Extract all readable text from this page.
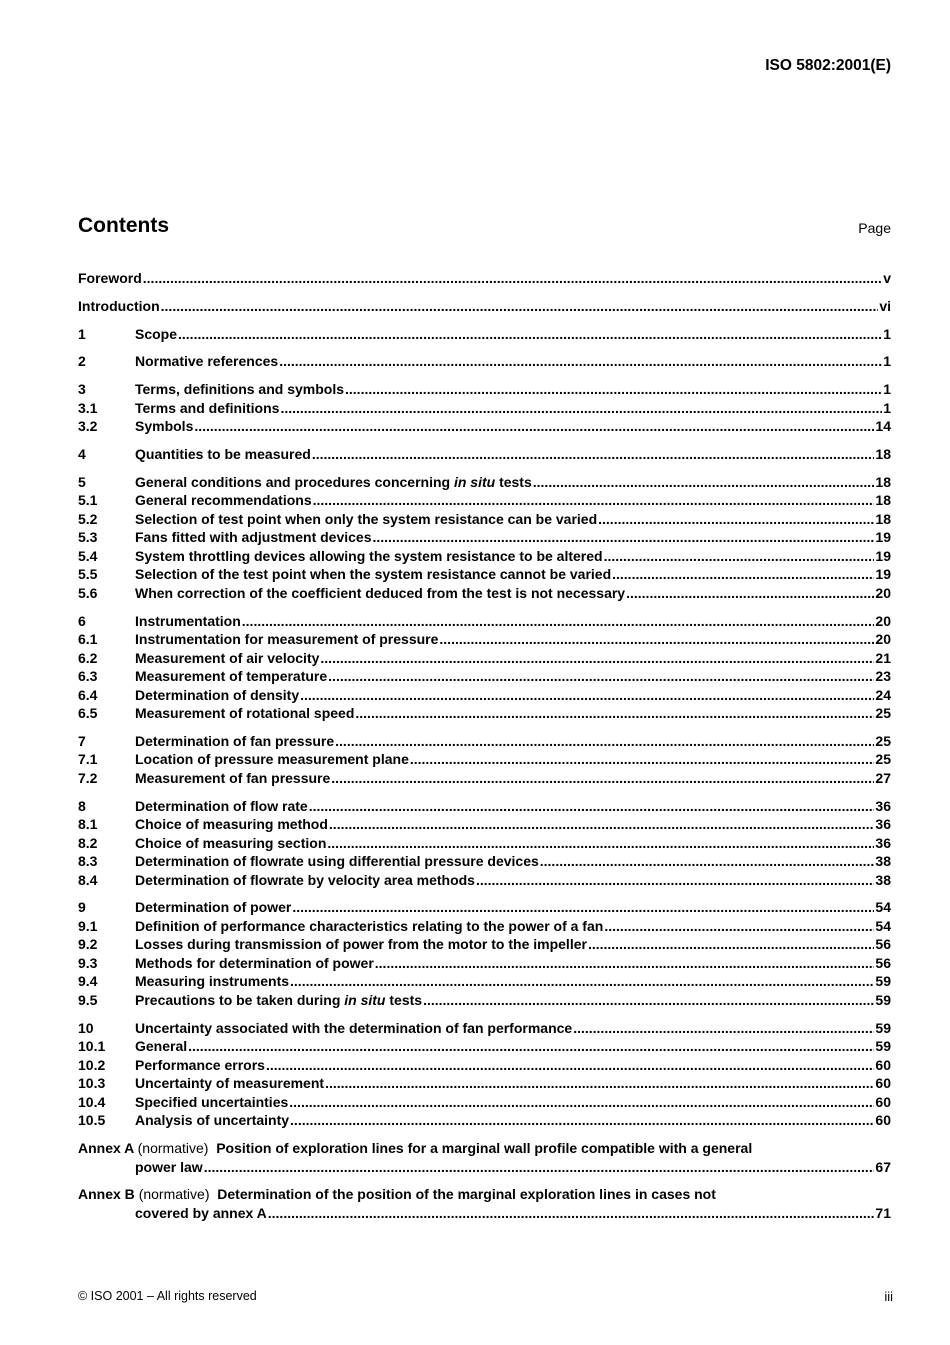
ISO 5802:2001(E)
Contents	Page
Foreword .....	v
Introduction .....	vi
1	Scope .....	1
2	Normative references .....	1
3	Terms, definitions and symbols .....	1
3.1	Terms and definitions .....	1
3.2	Symbols .....	14
4	Quantities to be measured .....	18
5	General conditions and procedures concerning in situ tests .....	18
5.1	General recommendations .....	18
5.2	Selection of test point when only the system resistance can be varied .....	18
5.3	Fans fitted with adjustment devices .....	19
5.4	System throttling devices allowing the system resistance to be altered .....	19
5.5	Selection of the test point when the system resistance cannot be varied .....	19
5.6	When correction of the coefficient deduced from the test is not necessary .....	20
6	Instrumentation .....	20
6.1	Instrumentation for measurement of pressure .....	20
6.2	Measurement of air velocity .....	21
6.3	Measurement of temperature .....	23
6.4	Determination of density .....	24
6.5	Measurement of rotational speed .....	25
7	Determination of fan pressure .....	25
7.1	Location of pressure measurement plane .....	25
7.2	Measurement of fan pressure .....	27
8	Determination of flow rate .....	36
8.1	Choice of measuring method .....	36
8.2	Choice of measuring section .....	36
8.3	Determination of flowrate using differential pressure devices .....	38
8.4	Determination of flowrate by velocity area methods .....	38
9	Determination of power .....	54
9.1	Definition of performance characteristics relating to the power of a fan .....	54
9.2	Losses during transmission of power from the motor to the impeller .....	56
9.3	Methods for determination of power .....	56
9.4	Measuring instruments .....	59
9.5	Precautions to be taken during in situ tests .....	59
10	Uncertainty associated with the determination of fan performance .....	59
10.1	General .....	59
10.2	Performance errors .....	60
10.3	Uncertainty of measurement .....	60
10.4	Specified uncertainties .....	60
10.5	Analysis of uncertainty .....	60
Annex A (normative) Position of exploration lines for a marginal wall profile compatible with a general
power law .....	67
Annex B (normative) Determination of the position of the marginal exploration lines in cases not
covered by annex A .....	71
© ISO 2001 – All rights reserved	iii
